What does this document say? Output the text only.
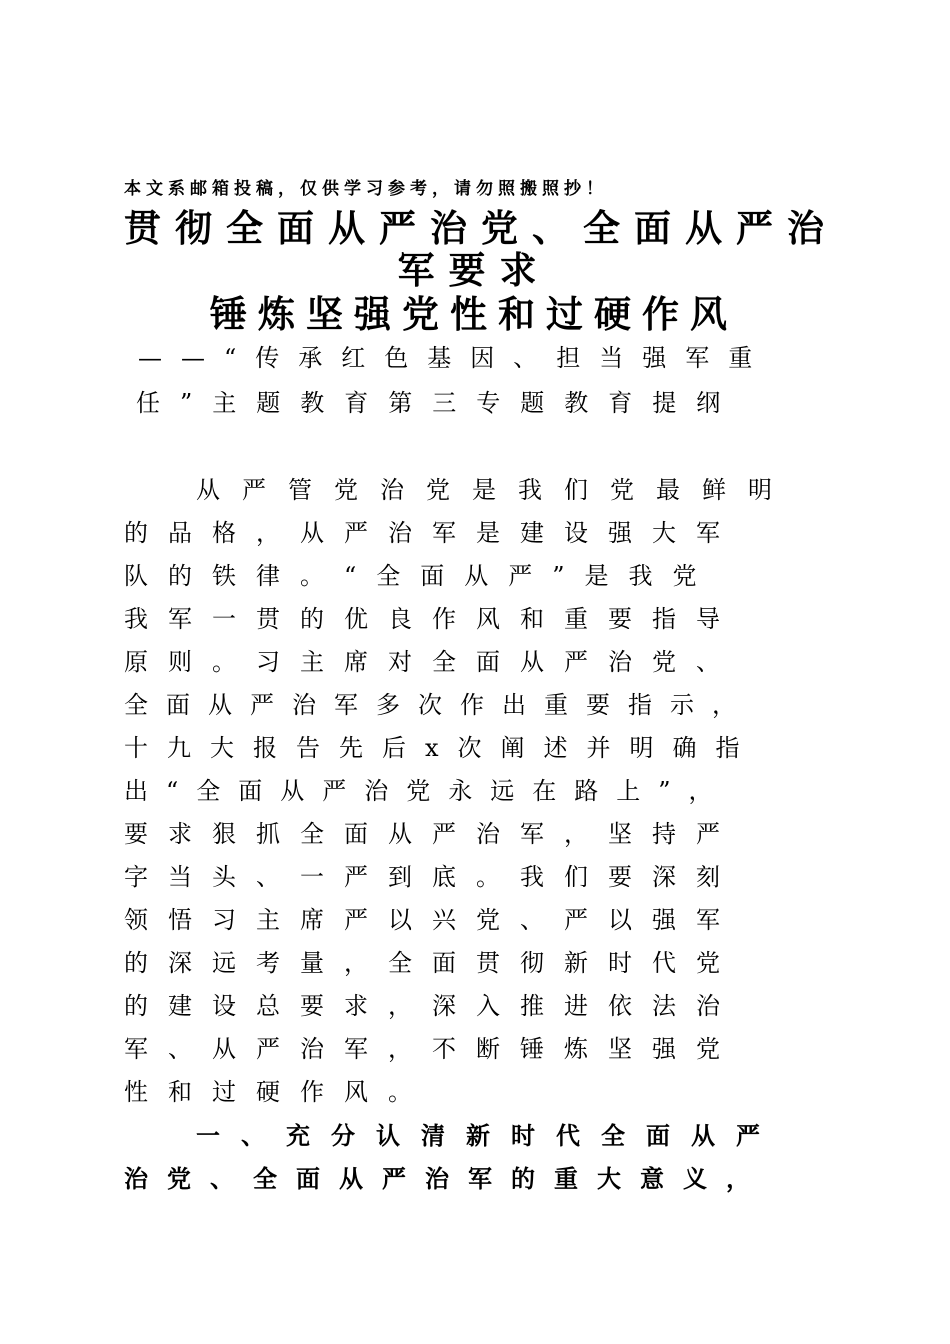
本文系邮箱投稿，仅供学习参考，请勿照搬照抄！
贯彻全面从严治党、全面从严治
军要求
锤炼坚强党性和过硬作风
——“传承红色基因、担当强军重
任”主题教育第三专题教育提纲
从严管党治党是我们党最鲜明
的品格，从严治军是建设强大军
队的铁律。“全面从严”是我党
我军一贯的优良作风和重要指导
原则。习主席对全面从严治党、
全面从严治军多次作出重要指示，
十九大报告先后x次阐述并明确指
出“全面从严治党永远在路上”，
要求狠抓全面从严治军，坚持严
字当头、一严到底。我们要深刻
领悟习主席严以兴党、严以强军
的深远考量，全面贯彻新时代党
的建设总要求，深入推进依法治
军、从严治军，不断锤炼坚强党
性和过硬作风。
一、充分认清新时代全面从严
治党、全面从严治军的重大意义，
